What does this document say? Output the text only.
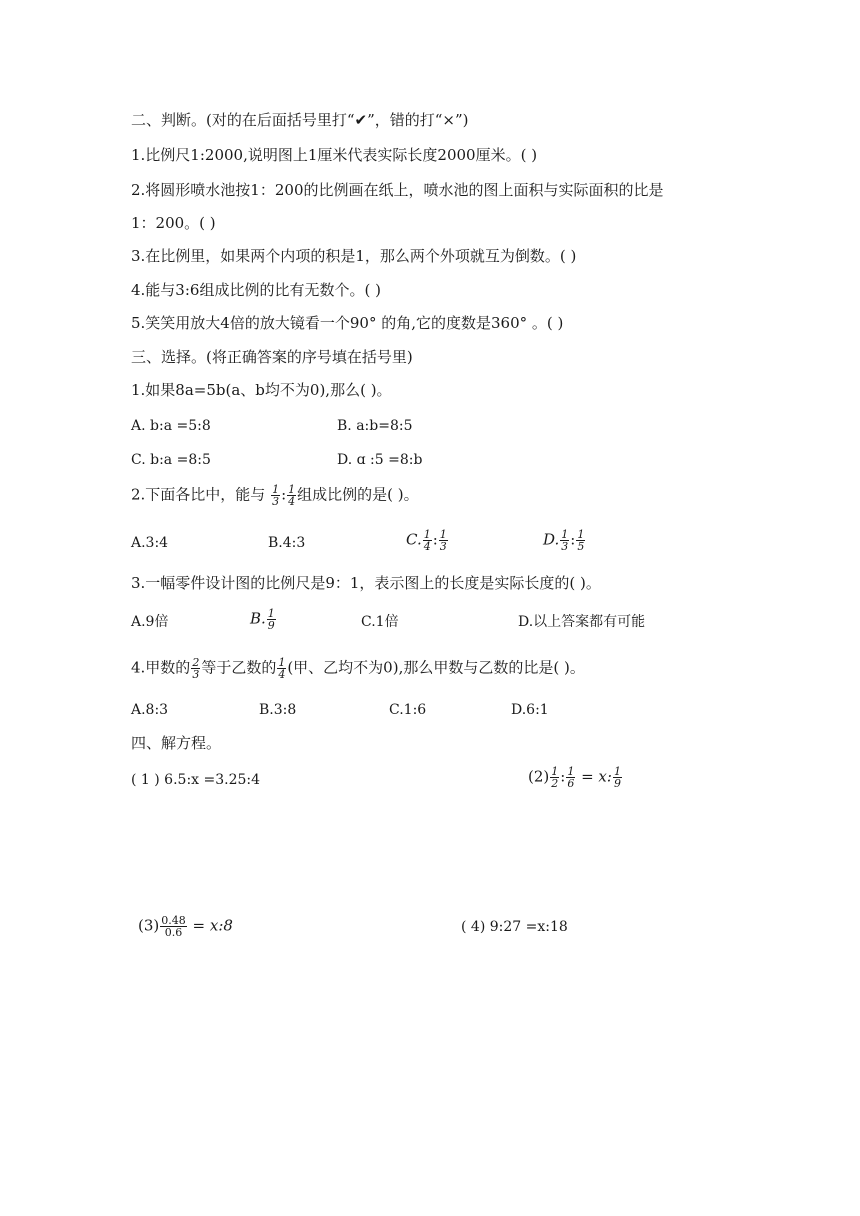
二、判断。(对的在后面括号里打“✔”，错的打“×”)
1.比例尺1:2000,说明图上1厘米代表实际长度2000厘米。( )
2.将圆形喷水池按1：200的比例画在纸上，喷水池的图上面积与实际面积的比是
1：200。( )
3.在比例里，如果两个内项的积是1，那么两个外项就互为倒数。( )
4.能与3:6组成比例的比有无数个。( )
5.笑笑用放大4倍的放大镜看一个90° 的角,它的度数是360° 。( )
三、选择。(将正确答案的序号填在括号里)
1.如果8a=5b(a、b均不为0),那么( )。
A. b:a =5:8	B. a:b=8:5
C. b:a =8:5	D. ɑ :5 =8:b
2.下面各比中，能与 $\frac{1}{3}$ : $\frac{1}{4}$ 组成比例的是( )。
A.3:4	B.4:3	C. $\frac{1}{4}$ : $\frac{1}{3}$	D. $\frac{1}{3}$ : $\frac{1}{5}$
3.一幅零件设计图的比例尺是9：1，表示图上的长度是实际长度的( )。
A.9倍	B. $\frac{1}{9}$	C.1倍	D.以上答案都有可能
4.甲数的 $\frac{2}{3}$ 等于乙数的 $\frac{1}{4}$ (甲、乙均不为0),那么甲数与乙数的比是( )。
A.8:3	B.3:8	C.1:6	D.6:1
四、解方程。
( 1 ) 6.5:x =3.25:4	$(2) \frac{1}{2}$ : $\frac{1}{6} = x$: $\frac{1}{9}$
$(3) \frac{0.48}{0.6}$ = x:8	( 4) 9:27 =x:18
